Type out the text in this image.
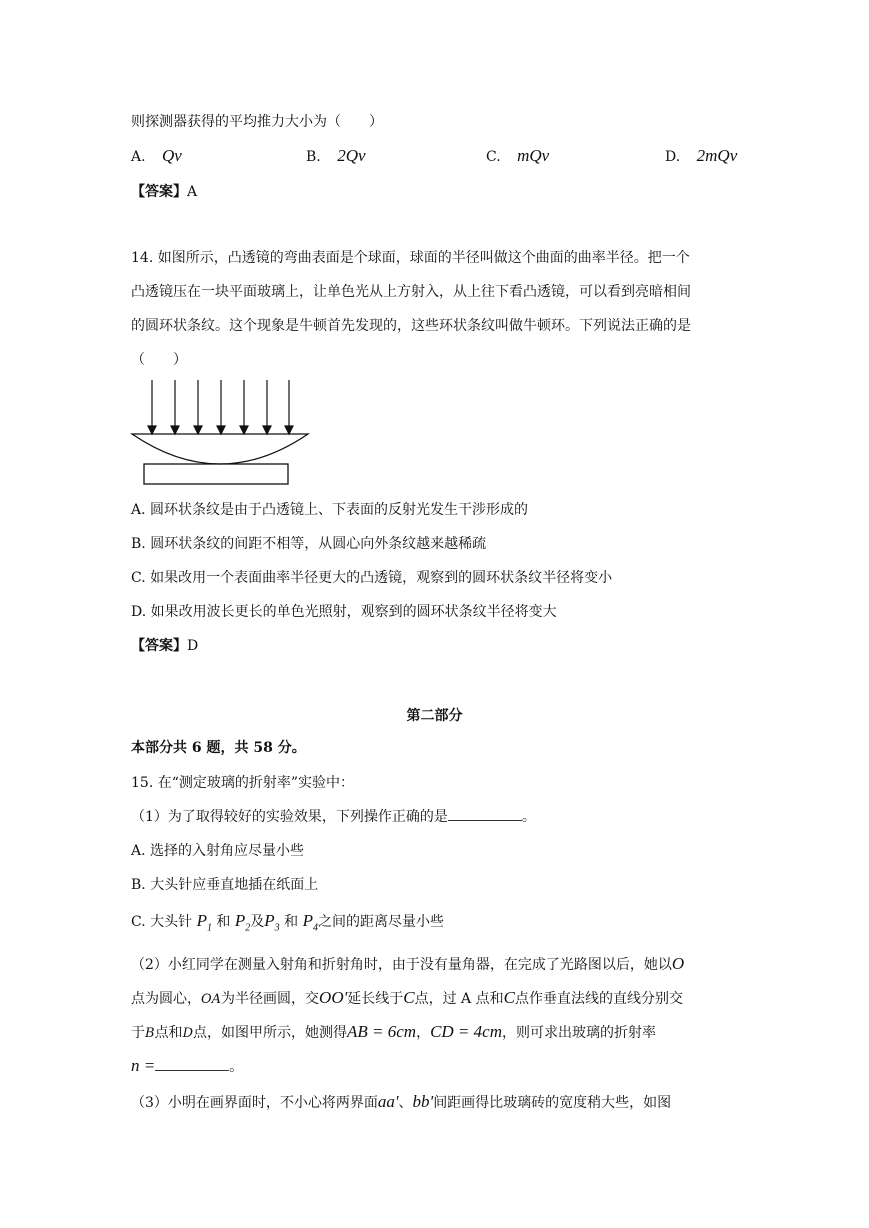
则探测器获得的平均推力大小为（　　）
A. Qv	B. 2Qv	C. mQv	D. 2mQv
【答案】A
14. 如图所示，凸透镜的弯曲表面是个球面，球面的半径叫做这个曲面的曲率半径。把一个
凸透镜压在一块平面玻璃上，让单色光从上方射入，从上往下看凸透镜，可以看到亮暗相间
的圆环状条纹。这个现象是牛顿首先发现的，这些环状条纹叫做牛顿环。下列说法正确的是
（　　）
A. 圆环状条纹是由于凸透镜上、下表面的反射光发生干涉形成的
B. 圆环状条纹的间距不相等，从圆心向外条纹越来越稀疏
C. 如果改用一个表面曲率半径更大的凸透镜，观察到的圆环状条纹半径将变小
D. 如果改用波长更长的单色光照射，观察到的圆环状条纹半径将变大
【答案】D
第二部分
本部分共 6 题，共 58 分。
15. 在“测定玻璃的折射率”实验中：
（1）为了取得较好的实验效果，下列操作正确的是	。
A. 选择的入射角应尽量小些
B. 大头针应垂直地插在纸面上
C. 大头针 $P_1$ 和 $P_2$及$P_3$ 和 $P_4$之间的距离尽量小些
（2）小红同学在测量入射角和折射角时，由于没有量角器，在完成了光路图以后，她以O
点为圆心，OA为半径画圆，交OO'延长线于C点，过 A 点和C点作垂直法线的直线分别交
于B点和D点，如图甲所示，她测得AB = 6cm，CD = 4cm，则可求出玻璃的折射率
n =	。
（3）小明在画界面时，不小心将两界面aa'、bb'间距画得比玻璃砖的宽度稍大些，如图
